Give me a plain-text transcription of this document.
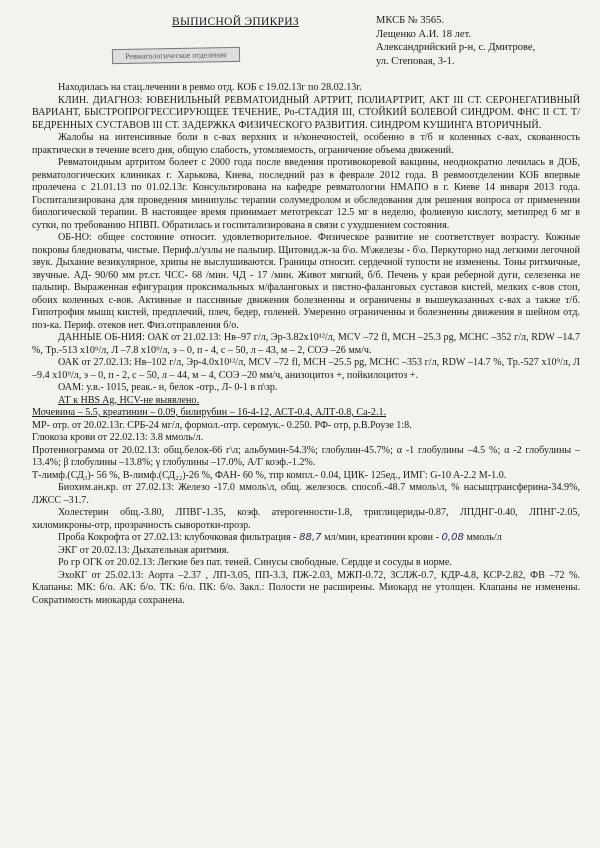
ВЫПИСНОЙ ЭПИКРИЗ
Ревматологическое отделение
МКСБ № 3565.
Лещенко А.И. 18 лет.
Александрийский р-н, с. Дмитрове,
ул. Степовая, 3-1.

Находилась на стац.лечении в ревмо отд. КОБ с 19.02.13г по 28.02.13г.

КЛИН. ДИАГНОЗ: ЮВЕНИЛЬНЫЙ РЕВМАТОИДНЫЙ АРТРИТ, ПОЛИАРТРИТ, АКТ III СТ. СЕРОНЕГАТИВНЫЙ ВАРИАНТ, БЫСТРОПРОГРЕССИРУЮЩЕЕ ТЕЧЕНИЕ, Ро-СТАДИЯ III, СТОЙКИЙ БОЛЕВОЙ СИНДРОМ. ФНС II СТ. Т/БЕДРЕННЫХ СУСТАВОВ III СТ. ЗАДЕРЖКА ФИЗИЧЕСКОГО РАЗВИТИЯ. СИНДРОМ КУШИНГА ВТОРИЧНЫЙ.

Жалобы на интенсивные боли в с-вах верхних и н/конечностей, особенно в т/б и коленных с-вах, скованность практически в течение всего дня, общую слабость, утомляемость, ограничение объема движений.

Ревматоидным артритом болеет с 2000 года после введения противокоревой вакцины, неоднократно лечилась в ДОБ, ревматологических клиниках г. Харькова, Киева, последний раз в феврале 2012 года. В ревмоотделении КОБ впервые пролечена с 21.01.13 по 01.02.13г. Консультирована на кафедре ревматологии НМАПО в г. Киеве 14 января 2013 года. Госпитализирована для проведения минипульс терапии солумедролом и обследования для решения вопроса от применении биологической терапии. В настоящее время принимает метотрексат 12.5 мг в неделю, фолиевую кислоту, метипред 6 мг в сутки, по требованию НПВП. Обратилась и госпитализирована в связи с ухудшением состояния.

ОБ-НО: общее состояние относит. удовлетворительное. Физическое развитие не соответствует возрасту. Кожные покровы бледноваты, чистые. Периф.л/узлы не пальпир. Щитовид.ж-за б\о. М\железы - б\о. Перкуторно над легкими легочной звук. Дыхание везикулярное, хрипы не выслушиваются. Границы относит. сердечной тупости не изменены. Тоны ритмичные, звучные. АД- 90/60 мм рт.ст. ЧСС- 68 /мин. ЧД - 17 /мин. Живот мягкий, б/б. Печень у края реберной дуги, селезенка не пальпир. Выраженная ефигурация проксимальных м/фаланговых и пястно-фаланговых суставов кистей, мелких с-вов стоп, обоих коленных с-вов. Активные и пассивные движения болезненны и ограничены в вышеуказанных с-вах а также т/б. Гипотрофия мышц кистей, предплечий, плеч, бедер, голеней. Умеренно ограниченны и болезненны движения в шейном отд. поз-ка. Периф. отеков нет. Физ.отправления б/о.

ДАННЫЕ ОБ-НИЯ: ОАК от 21.02.13: Нв–97 г/л, Эр-3.82х10¹²/л, MCV –72 fl, MCH –25.3 pg, MCHC –352 г/л, RDW –14.7 %, Тр.-513 х10⁹/л, Л –7.8 х10⁹/л, э – 0, п - 4, с – 50, л – 43, м – 2, СОЭ –26 мм/ч.

ОАК от 27.02.13: Нв–102 г/л, Эр-4.0х10¹²/л, MCV –72 fl, MCH –25.5 pg, MCHC –353 г/л, RDW –14.7 %, Тр.-527 х10⁹/л, Л –9.4 х10⁹/л, э – 0, п - 2, с – 50, л – 44, м – 4, СОЭ –20 мм/ч, анизоцитоз +, пойкилоцитоз +.

ОАМ: у.в.- 1015, реак.- н, белок -отр., Л- 0-1 в п\зр.

АТ к HBS Ag, HCV-не выявлено.

Мочевина – 5.5, креатинин – 0.09, билирубин – 16-4-12, АСТ-0.4, АЛТ-0.8, Са-2.1.

МР- отр. от 20.02.13г. СРБ-24 мг/л, формол.-отр. серомук.- 0.250. РФ- отр, р.В.Роузе 1:8.

Глюкоза крови от 22.02.13: 3.8 ммоль/л.

Протеинограмма от 20.02.13: общ.белок-66 г\л; альбумин-54.3%; глобулин-45.7%; α -1 глобулины –4.5 %; α -2 глобулины –13.4%; β глобулины –13.8%; γ глобулины –17.0%, А/Г коэф.-1.2%.

Т-лимф.(СД₃)- 56 %, В-лимф.(СД₂₂)-26 %, ФАН- 60 %, тпр компл.- 0.04, ЦИК- 125ед., ИМГ: G-10 A-2.2 M-1.0.

Биохим.ан.кр. от 27.02.13: Железо -17.0 ммоль\л, общ. железосв. способ.-48.7 ммоль\л, % насыщтрансферина-34.9%, ЛЖСС –31.7.

Холестерин общ.-3.80, ЛПВГ-1.35, коэф. атерогенности-1.8, триглицериды-0.87, ЛПДНГ-0.40, ЛПНГ-2.05, хиломикроны-отр, прозрачность сыворотки-прозр.

Проба Кокрофта от 27.02.13: клубочковая фильтрация - 88,7 мл/мин, креатинин крови - 0,08 ммоль/л

ЭКГ от 20.02.13: Дыхательная аритмия.

Ро гр ОГК от 20.02.13: Легкие без пат. теней. Синусы свободные. Сердце и сосуды в норме.

ЭхоКГ от 25.02.13: Аорта –2.37 , ЛП-3.05, ПП-3.3, ПЖ-2.03, МЖП-0.72, ЗСЛЖ-0.7, КДР-4.8, КСР-2.82, ФВ –72 %. Клапаны: МК: б/о. АК: б/о. ТК: б/о. ПК: б/о. Закл.: Полости не расширены. Миокард не утолщен. Клапаны не изменены. Сократимость миокарда сохранена.
